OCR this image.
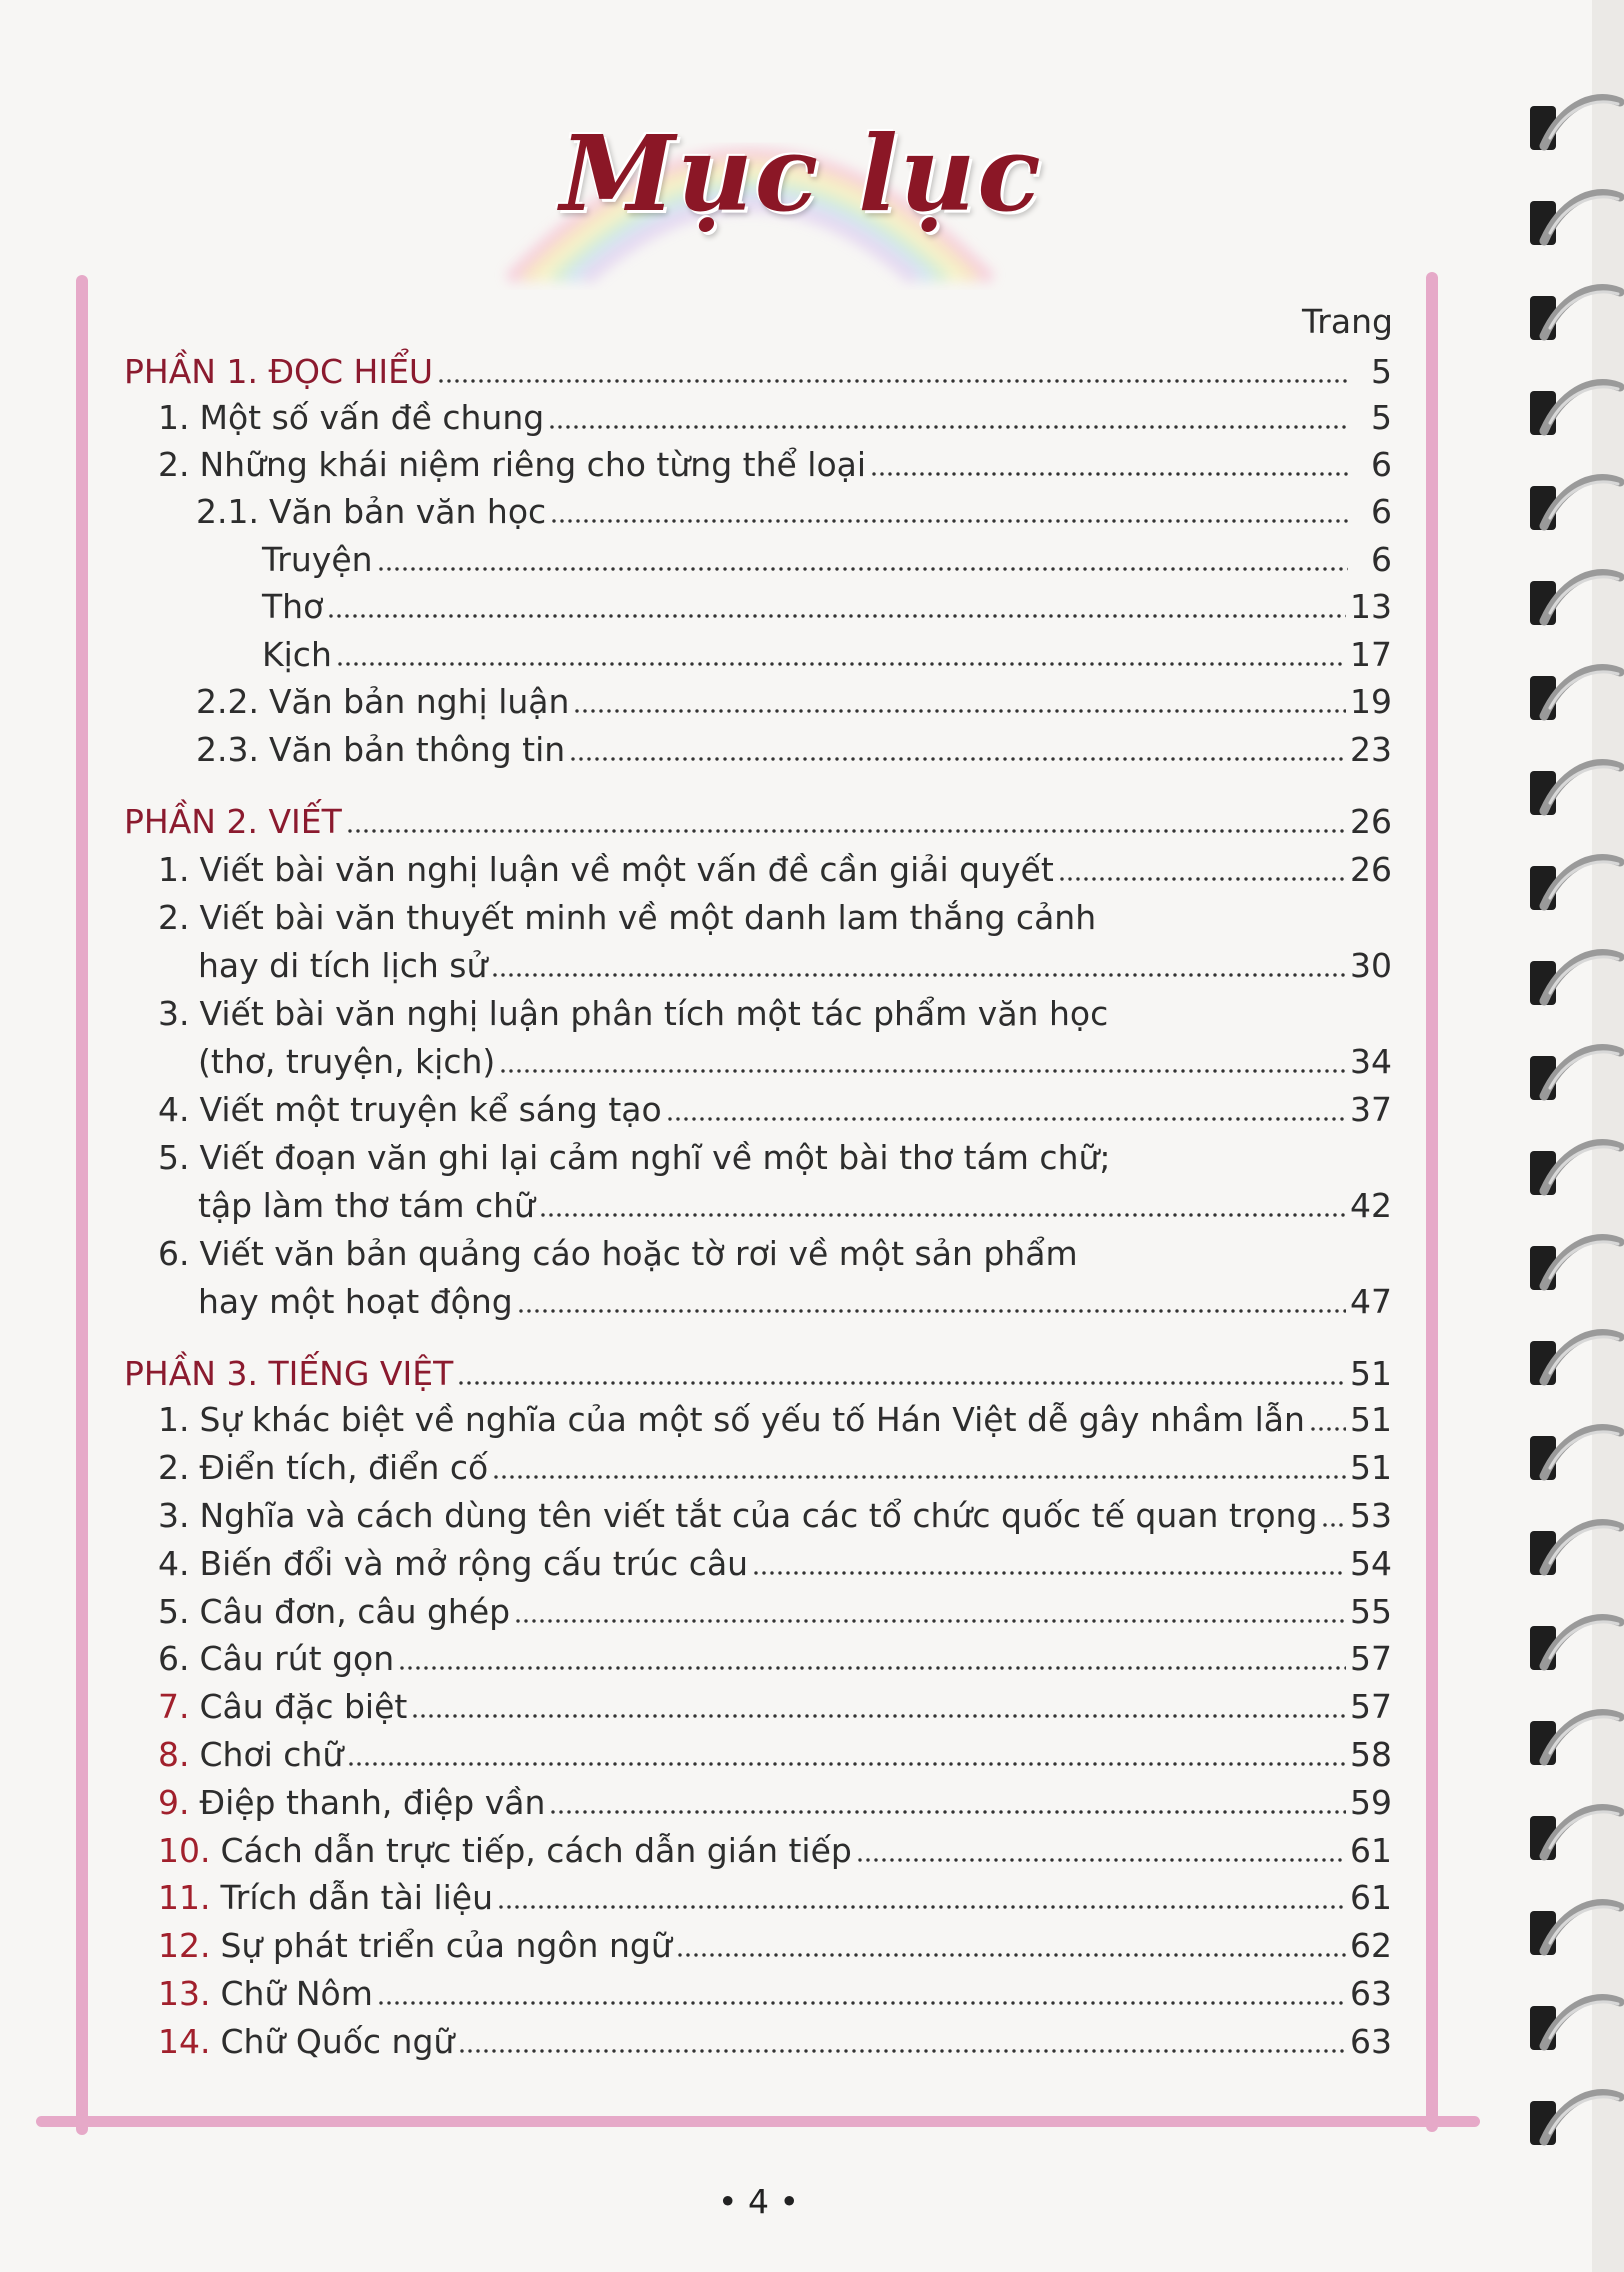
Mục lục
Trang
PHẦN 1. ĐỌC HIỂU	5
1. Một số vấn đề chung	5
2. Những khái niệm riêng cho từng thể loại	6
2.1. Văn bản văn học	6
Truyện	6
Thơ	13
Kịch	17
2.2. Văn bản nghị luận	19
2.3. Văn bản thông tin	23
PHẦN 2. VIẾT	26
1. Viết bài văn nghị luận về một vấn đề cần giải quyết	26
2. Viết bài văn thuyết minh về một danh lam thắng cảnh
hay di tích lịch sử	30
3. Viết bài văn nghị luận phân tích một tác phẩm văn học
(thơ, truyện, kịch)	34
4. Viết một truyện kể sáng tạo	37
5. Viết đoạn văn ghi lại cảm nghĩ về một bài thơ tám chữ;
tập làm thơ tám chữ	42
6. Viết văn bản quảng cáo hoặc tờ rơi về một sản phẩm
hay một hoạt động	47
PHẦN 3. TIẾNG VIỆT	51
1. Sự khác biệt về nghĩa của một số yếu tố Hán Việt dễ gây nhầm lẫn 51
2. Điển tích, điển cố	51
3. Nghĩa và cách dùng tên viết tắt của các tổ chức quốc tế quan trọng 53
4. Biến đổi và mở rộng cấu trúc câu	54
5. Câu đơn, câu ghép	55
6. Câu rút gọn	57
7. Câu đặc biệt	57
8. Chơi chữ	58
9. Điệp thanh, điệp vần	59
10. Cách dẫn trực tiếp, cách dẫn gián tiếp	61
11. Trích dẫn tài liệu	61
12. Sự phát triển của ngôn ngữ	62
13. Chữ Nôm	63
14. Chữ Quốc ngữ	63
• 4 •
